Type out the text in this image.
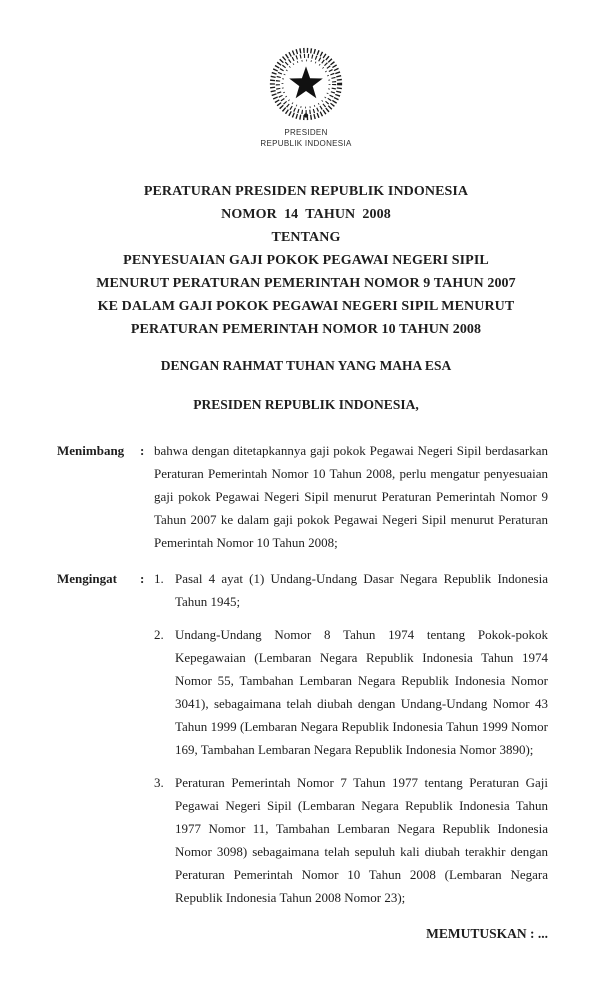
PRESIDEN
REPUBLIK INDONESIA
PERATURAN PRESIDEN REPUBLIK INDONESIA
NOMOR  14  TAHUN  2008
TENTANG
PENYESUAIAN GAJI POKOK PEGAWAI NEGERI SIPIL
MENURUT PERATURAN PEMERINTAH NOMOR 9 TAHUN 2007
KE DALAM GAJI POKOK PEGAWAI NEGERI SIPIL MENURUT
PERATURAN PEMERINTAH NOMOR 10 TAHUN 2008
DENGAN RAHMAT TUHAN YANG MAHA ESA
PRESIDEN REPUBLIK INDONESIA,
Menimbang	: bahwa dengan ditetapkannya gaji pokok Pegawai Negeri Sipil berdasarkan Peraturan Pemerintah Nomor 10 Tahun 2008, perlu mengatur penyesuaian gaji pokok Pegawai Negeri Sipil menurut Peraturan Pemerintah Nomor 9 Tahun 2007 ke dalam gaji pokok Pegawai Negeri Sipil menurut Peraturan Pemerintah Nomor 10 Tahun 2008;
Mengingat	: 1. Pasal 4 ayat (1) Undang-Undang Dasar Negara Republik Indonesia Tahun 1945;
2. Undang-Undang Nomor 8 Tahun 1974 tentang Pokok-pokok Kepegawaian (Lembaran Negara Republik Indonesia Tahun 1974 Nomor 55, Tambahan Lembaran Negara Republik Indonesia Nomor 3041), sebagaimana telah diubah dengan Undang-Undang Nomor 43 Tahun 1999 (Lembaran Negara Republik Indonesia Tahun 1999 Nomor 169, Tambahan Lembaran Negara Republik Indonesia Nomor 3890);
3. Peraturan Pemerintah Nomor 7 Tahun 1977 tentang Peraturan Gaji Pegawai Negeri Sipil (Lembaran Negara Republik Indonesia Tahun 1977 Nomor 11, Tambahan Lembaran Negara Republik Indonesia Nomor 3098) sebagaimana telah sepuluh kali diubah terakhir dengan Peraturan Pemerintah Nomor 10 Tahun 2008 (Lembaran Negara Republik Indonesia Tahun 2008 Nomor 23);
MEMUTUSKAN : ...
